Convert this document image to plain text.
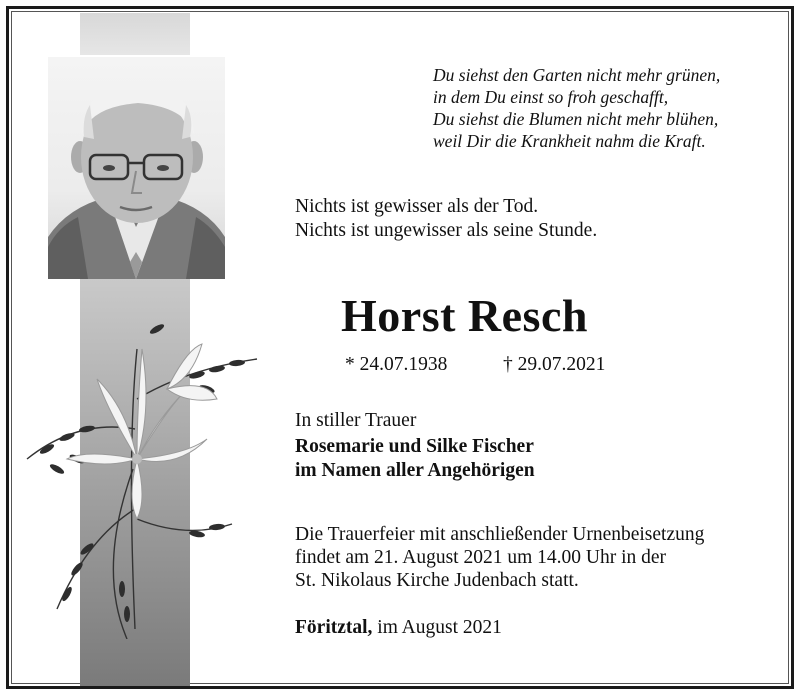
Du siehst den Garten nicht mehr grünen,
in dem Du einst so froh geschafft,
Du siehst die Blumen nicht mehr blühen,
weil Dir die Krankheit nahm die Kraft.
Nichts ist gewisser als der Tod.
Nichts ist ungewisser als seine Stunde.
Horst Resch
* 24.07.1938	† 29.07.2021
In stiller Trauer
Rosemarie und Silke Fischer
im Namen aller Angehörigen
Die Trauerfeier mit anschließender Urnenbeisetzung
findet am 21. August 2021 um 14.00 Uhr in der
St. Nikolaus Kirche Judenbach statt.
Föritztal, im August 2021
